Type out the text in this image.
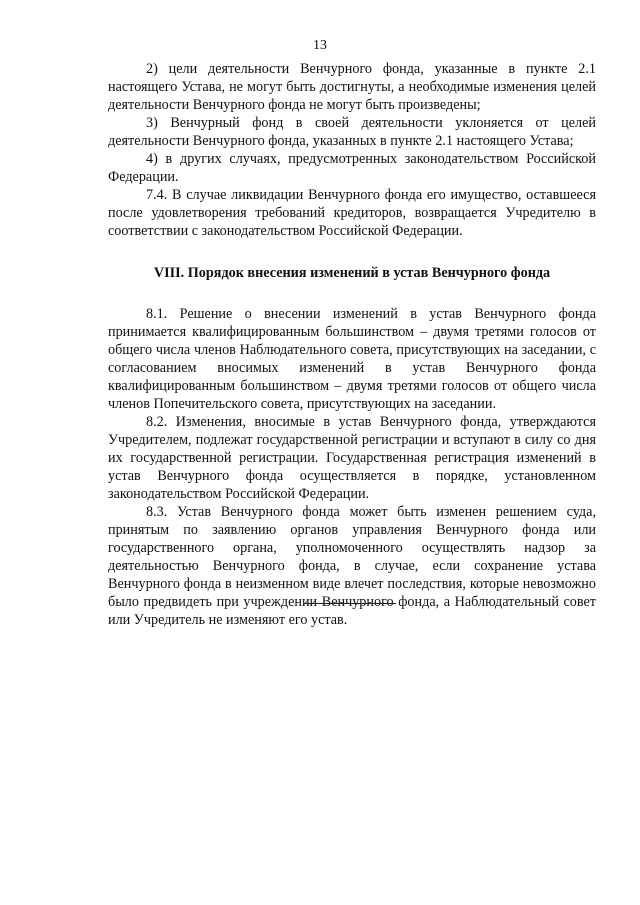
13

2) цели деятельности Венчурного фонда, указанные в пункте 2.1 настоящего Устава, не могут быть достигнуты, а необходимые изменения целей деятельности Венчурного фонда не могут быть произведены;

3) Венчурный фонд в своей деятельности уклоняется от целей деятельности Венчурного фонда, указанных в пункте 2.1 настоящего Устава;

4) в других случаях, предусмотренных законодательством Российской Федерации.

7.4. В случае ликвидации Венчурного фонда его имущество, оставшееся после удовлетворения требований кредиторов, возвращается Учредителю в соответствии с законодательством Российской Федерации.

VIII. Порядок внесения изменений в устав Венчурного фонда

8.1. Решение о внесении изменений в устав Венчурного фонда принимается квалифицированным большинством – двумя третями голосов от общего числа членов Наблюдательного совета, присутствующих на заседании, с согласованием вносимых изменений в устав Венчурного фонда квалифицированным большинством – двумя третями голосов от общего числа членов Попечительского совета, присутствующих на заседании.

8.2. Изменения, вносимые в устав Венчурного фонда, утверждаются Учредителем, подлежат государственной регистрации и вступают в силу со дня их государственной регистрации. Государственная регистрация изменений в устав Венчурного фонда осуществляется в порядке, установленном законодательством Российской Федерации.

8.3. Устав Венчурного фонда может быть изменен решением суда, принятым по заявлению органов управления Венчурного фонда или государственного органа, уполномоченного осуществлять надзор за деятельностью Венчурного фонда, в случае, если сохранение устава Венчурного фонда в неизменном виде влечет последствия, которые невозможно было предвидеть при учреждении Венчурного фонда, а Наблюдательный совет или Учредитель не изменяют его устав.
